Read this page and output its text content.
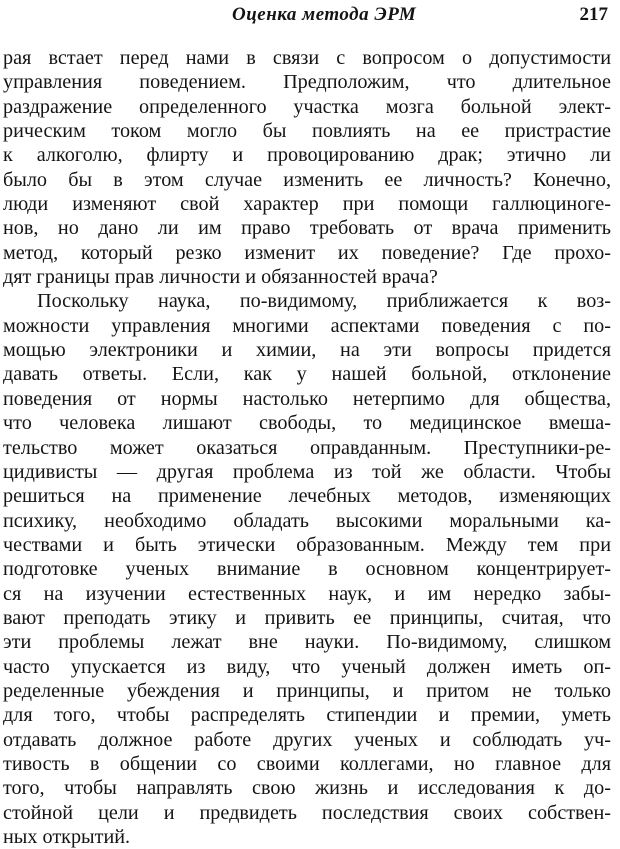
Оценка метода ЭРМ	217
рая встает перед нами в связи с вопросом о допустимости
управления поведением. Предположим, что длительное
раздражение определенного участка мозга больной элект-
рическим током могло бы повлиять на ее пристрастие
к алкоголю, флирту и провоцированию драк; этично ли
было бы в этом случае изменить ее личность? Конечно,
люди изменяют свой характер при помощи галлюциноге-
нов, но дано ли им право требовать от врача применить
метод, который резко изменит их поведение? Где прохо-
дят границы прав личности и обязанностей врача?
Поскольку наука, по-видимому, приближается к воз-
можности управления многими аспектами поведения с по-
мощью электроники и химии, на эти вопросы придется
давать ответы. Если, как у нашей больной, отклонение
поведения от нормы настолько нетерпимо для общества,
что человека лишают свободы, то медицинское вмеша-
тельство может оказаться оправданным. Преступники-ре-
цидивисты — другая проблема из той же области. Чтобы
решиться на применение лечебных методов, изменяющих
психику, необходимо обладать высокими моральными ка-
чествами и быть этически образованным. Между тем при
подготовке ученых внимание в основном концентрирует-
ся на изучении естественных наук, и им нередко забы-
вают преподать этику и привить ее принципы, считая, что
эти проблемы лежат вне науки. По-видимому, слишком
часто упускается из виду, что ученый должен иметь оп-
ределенные убеждения и принципы, и притом не только
для того, чтобы распределять стипендии и премии, уметь
отдавать должное работе других ученых и соблюдать уч-
тивость в общении со своими коллегами, но главное для
того, чтобы направлять свою жизнь и исследования к до-
стойной цели и предвидеть последствия своих собствен-
ных открытий.
